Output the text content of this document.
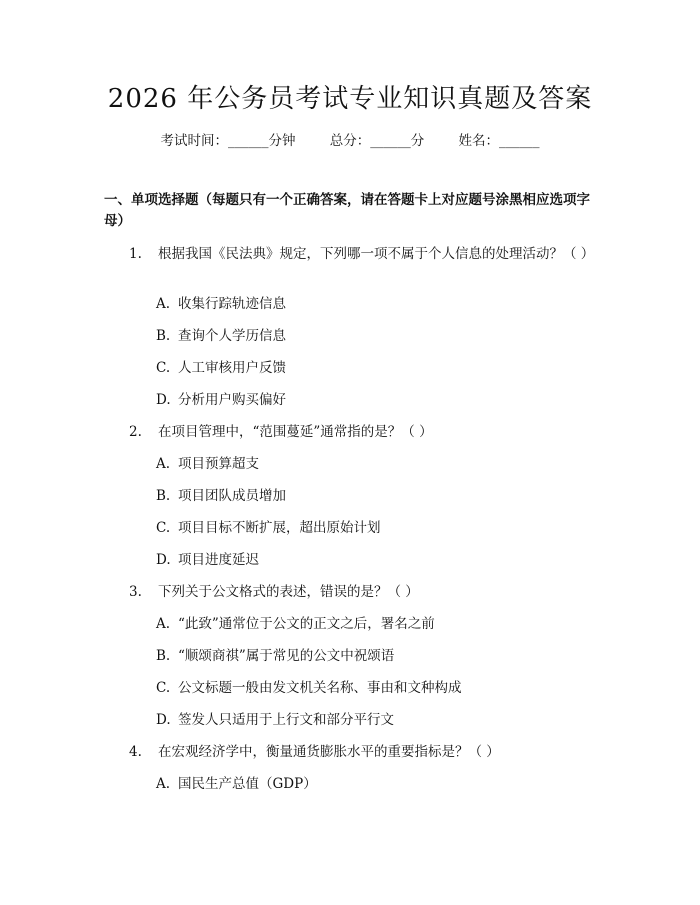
2026 年公务员考试专业知识真题及答案
考试时间：______分钟	总分：______分	姓名：______
一、单项选择题（每题只有一个正确答案，请在答题卡上对应题号涂黑相应选项字母）
1. 根据我国《民法典》规定，下列哪一项不属于个人信息的处理活动？（ ）
A. 收集行踪轨迹信息
B. 查询个人学历信息
C. 人工审核用户反馈
D. 分析用户购买偏好
2. 在项目管理中，“范围蔓延”通常指的是？（ ）
A. 项目预算超支
B. 项目团队成员增加
C. 项目目标不断扩展，超出原始计划
D. 项目进度延迟
3. 下列关于公文格式的表述，错误的是？（ ）
A. “此致”通常位于公文的正文之后，署名之前
B. “顺颂商祺”属于常见的公文中祝颂语
C. 公文标题一般由发文机关名称、事由和文种构成
D. 签发人只适用于上行文和部分平行文
4. 在宏观经济学中，衡量通货膨胀水平的重要指标是？（ ）
A. 国民生产总值（GDP）
